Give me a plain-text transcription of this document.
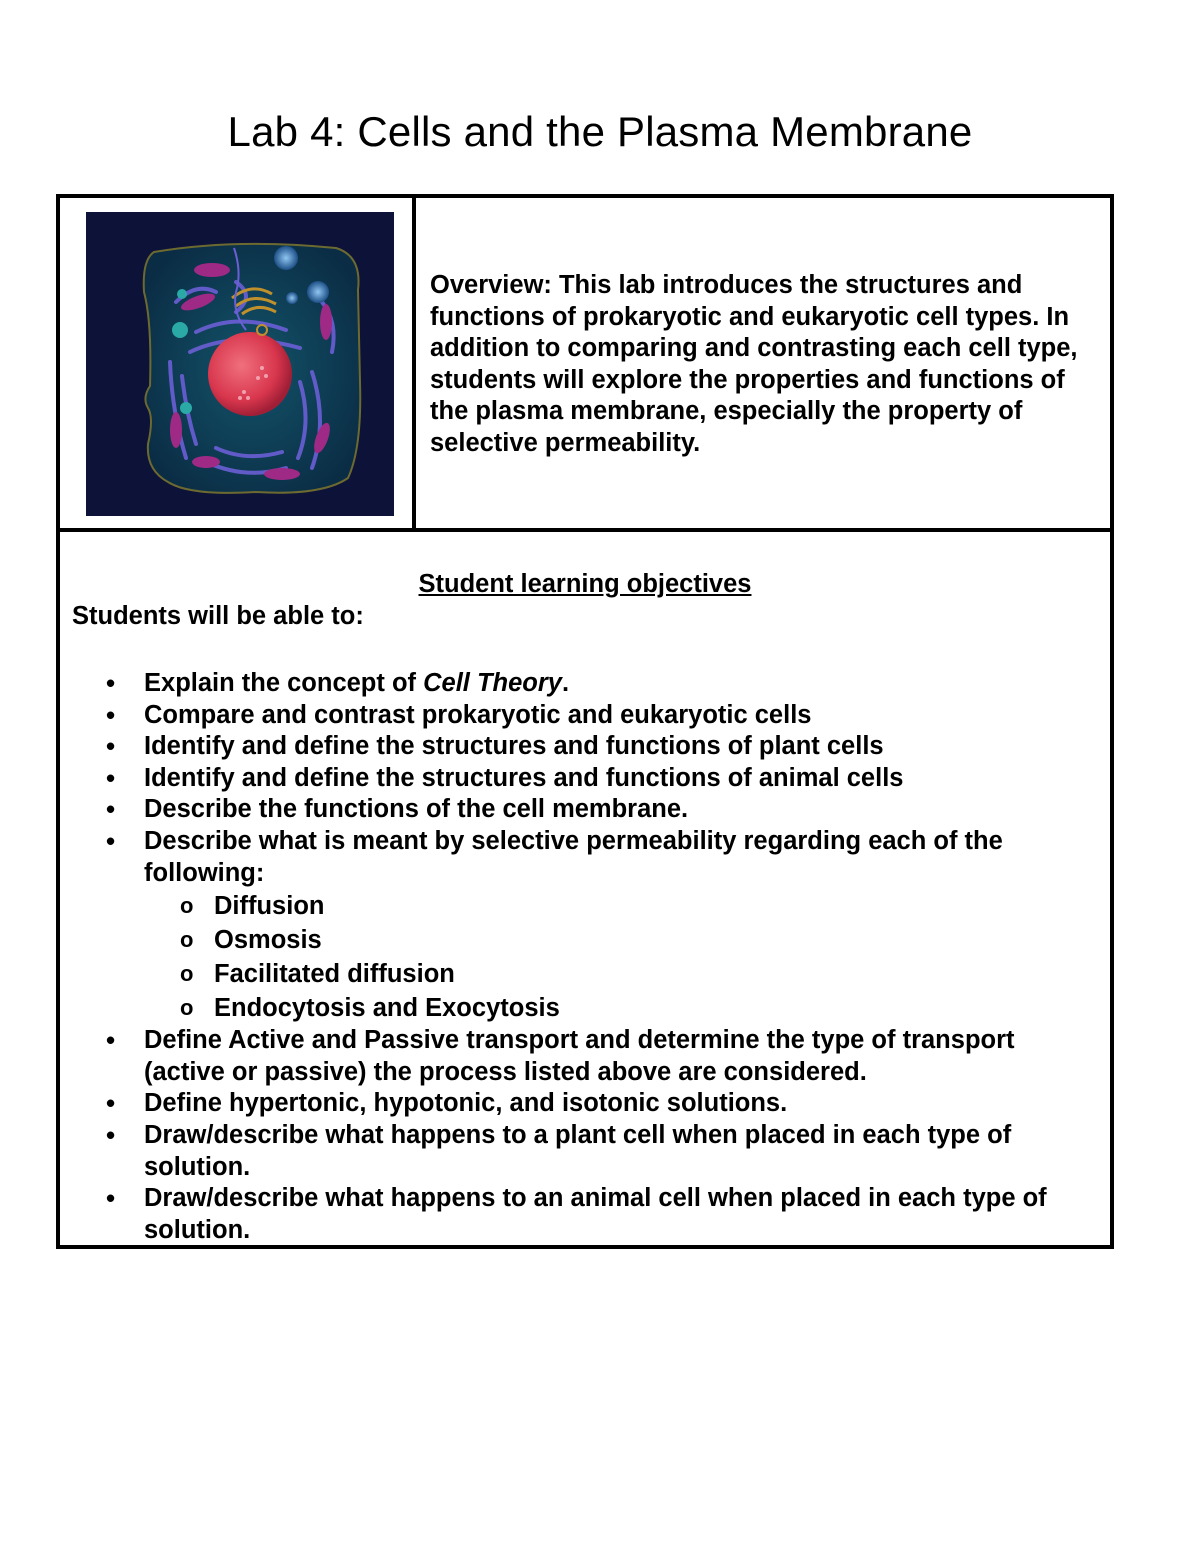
Lab 4: Cells and the Plasma Membrane

Overview: This lab introduces the structures and functions of prokaryotic and eukaryotic cell types. In addition to comparing and contrasting each cell type, students will explore the properties and functions of the plasma membrane, especially the property of selective permeability.

Student learning objectives

Students will be able to:

• Explain the concept of Cell Theory.
• Compare and contrast prokaryotic and eukaryotic cells
• Identify and define the structures and functions of plant cells
• Identify and define the structures and functions of animal cells
• Describe the functions of the cell membrane.
• Describe what is meant by selective permeability regarding each of the following:
o Diffusion
o Osmosis
o Facilitated diffusion
o Endocytosis and Exocytosis
• Define Active and Passive transport and determine the type of transport (active or passive) the process listed above are considered.
• Define hypertonic, hypotonic, and isotonic solutions.
• Draw/describe what happens to a plant cell when placed in each type of solution.
• Draw/describe what happens to an animal cell when placed in each type of solution.
